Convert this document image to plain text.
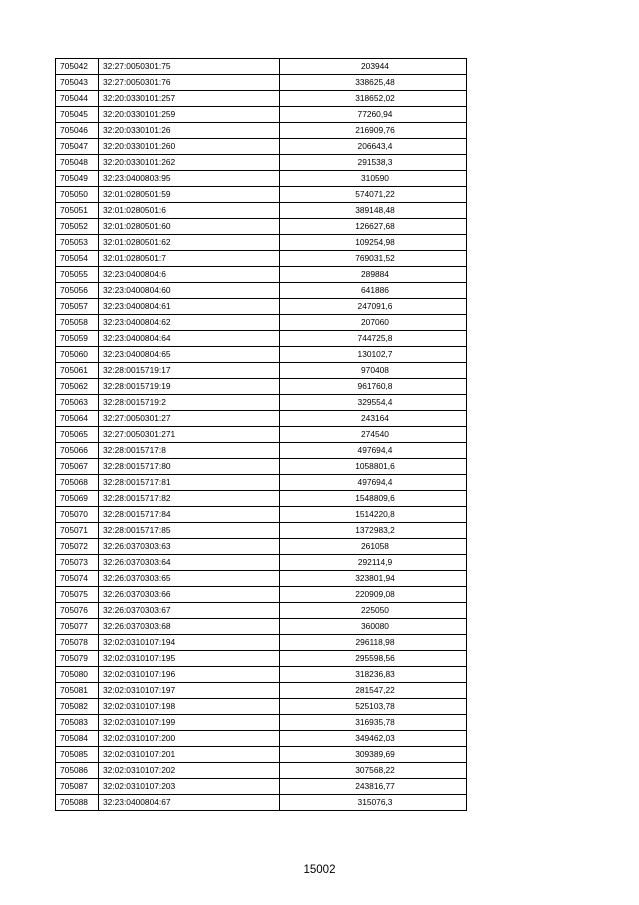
705042	32:27:0050301:75	203944
705043	32:27:0050301:76	338625,48
705044	32:20:0330101:257	318652,02
705045	32:20:0330101:259	77260,94
705046	32:20:0330101:26	216909,76
705047	32:20:0330101:260	206643,4
705048	32:20:0330101:262	291538,3
705049	32:23:0400803:95	310590
705050	32:01:0280501:59	574071,22
705051	32:01:0280501:6	389148,48
705052	32:01:0280501:60	126627,68
705053	32:01:0280501:62	109254,98
705054	32:01:0280501:7	769031,52
705055	32:23:0400804:6	289884
705056	32:23:0400804:60	641886
705057	32:23:0400804:61	247091,6
705058	32:23:0400804:62	207060
705059	32:23:0400804:64	744725,8
705060	32:23:0400804:65	130102,7
705061	32:28:0015719:17	970408
705062	32:28:0015719:19	961760,8
705063	32:28:0015719:2	329554,4
705064	32:27:0050301:27	243164
705065	32:27:0050301:271	274540
705066	32:28:0015717:8	497694,4
705067	32:28:0015717:80	1058801,6
705068	32:28:0015717:81	497694,4
705069	32:28:0015717:82	1548809,6
705070	32:28:0015717:84	1514220,8
705071	32:28:0015717:85	1372983,2
705072	32:26:0370303:63	261058
705073	32:26:0370303:64	292114,9
705074	32:26:0370303:65	323801,94
705075	32:26:0370303:66	220909,08
705076	32:26:0370303:67	225050
705077	32:26:0370303:68	360080
705078	32:02:0310107:194	296118,98
705079	32:02:0310107:195	295598,56
705080	32:02:0310107:196	318236,83
705081	32:02:0310107:197	281547,22
705082	32:02:0310107:198	525103,78
705083	32:02:0310107:199	316935,78
705084	32:02:0310107:200	349462,03
705085	32:02:0310107:201	309389,69
705086	32:02:0310107:202	307568,22
705087	32:02:0310107:203	243816,77
705088	32:23:0400804:67	315076,3
15002
